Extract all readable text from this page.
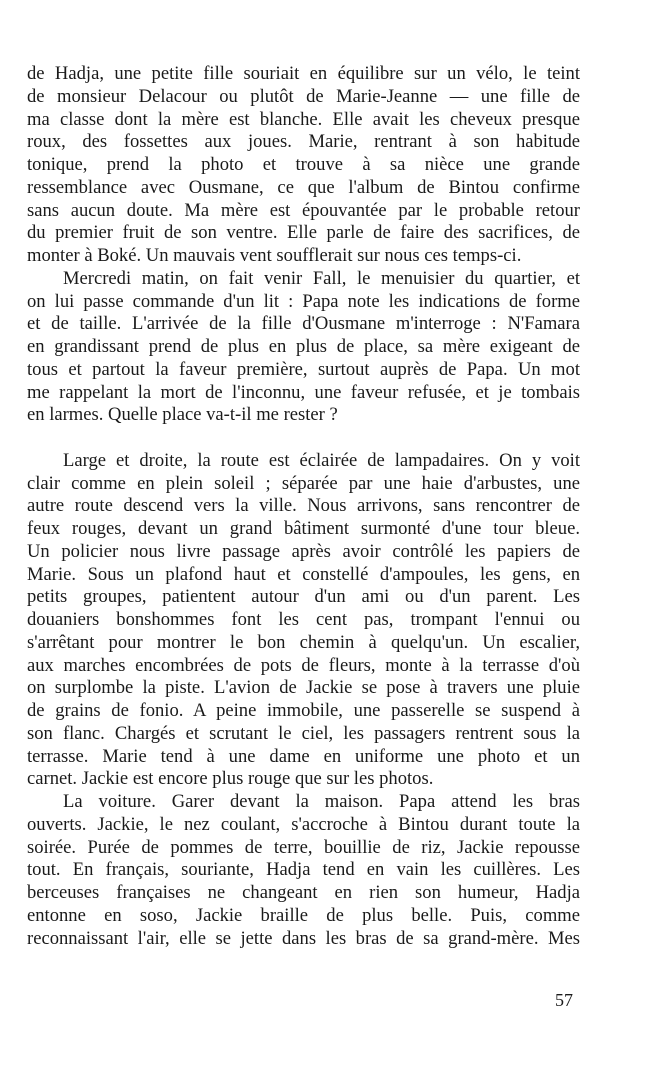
de Hadja, une petite fille souriait en équilibre sur un vélo, le teint
de monsieur Delacour ou plutôt de Marie-Jeanne — une fille de
ma classe dont la mère est blanche. Elle avait les cheveux presque
roux, des fossettes aux joues. Marie, rentrant à son habitude
tonique, prend la photo et trouve à sa nièce une grande
ressemblance avec Ousmane, ce que l'album de Bintou confirme
sans aucun doute. Ma mère est épouvantée par le probable retour
du premier fruit de son ventre. Elle parle de faire des sacrifices, de
monter à Boké. Un mauvais vent soufflerait sur nous ces temps-ci.
Mercredi matin, on fait venir Fall, le menuisier du quartier, et
on lui passe commande d'un lit : Papa note les indications de forme
et de taille. L'arrivée de la fille d'Ousmane m'interroge : N'Famara
en grandissant prend de plus en plus de place, sa mère exigeant de
tous et partout la faveur première, surtout auprès de Papa. Un mot
me rappelant la mort de l'inconnu, une faveur refusée, et je tombais
en larmes. Quelle place va-t-il me rester ?
Large et droite, la route est éclairée de lampadaires. On y voit
clair comme en plein soleil ; séparée par une haie d'arbustes, une
autre route descend vers la ville. Nous arrivons, sans rencontrer de
feux rouges, devant un grand bâtiment surmonté d'une tour bleue.
Un policier nous livre passage après avoir contrôlé les papiers de
Marie. Sous un plafond haut et constellé d'ampoules, les gens, en
petits groupes, patientent autour d'un ami ou d'un parent. Les
douaniers bonshommes font les cent pas, trompant l'ennui ou
s'arrêtant pour montrer le bon chemin à quelqu'un. Un escalier,
aux marches encombrées de pots de fleurs, monte à la terrasse d'où
on surplombe la piste. L'avion de Jackie se pose à travers une pluie
de grains de fonio. A peine immobile, une passerelle se suspend à
son flanc. Chargés et scrutant le ciel, les passagers rentrent sous la
terrasse. Marie tend à une dame en uniforme une photo et un
carnet. Jackie est encore plus rouge que sur les photos.
La voiture. Garer devant la maison. Papa attend les bras
ouverts. Jackie, le nez coulant, s'accroche à Bintou durant toute la
soirée. Purée de pommes de terre, bouillie de riz, Jackie repousse
tout. En français, souriante, Hadja tend en vain les cuillères. Les
berceuses françaises ne changeant en rien son humeur, Hadja
entonne en soso, Jackie braille de plus belle. Puis, comme
reconnaissant l'air, elle se jette dans les bras de sa grand-mère. Mes
57
